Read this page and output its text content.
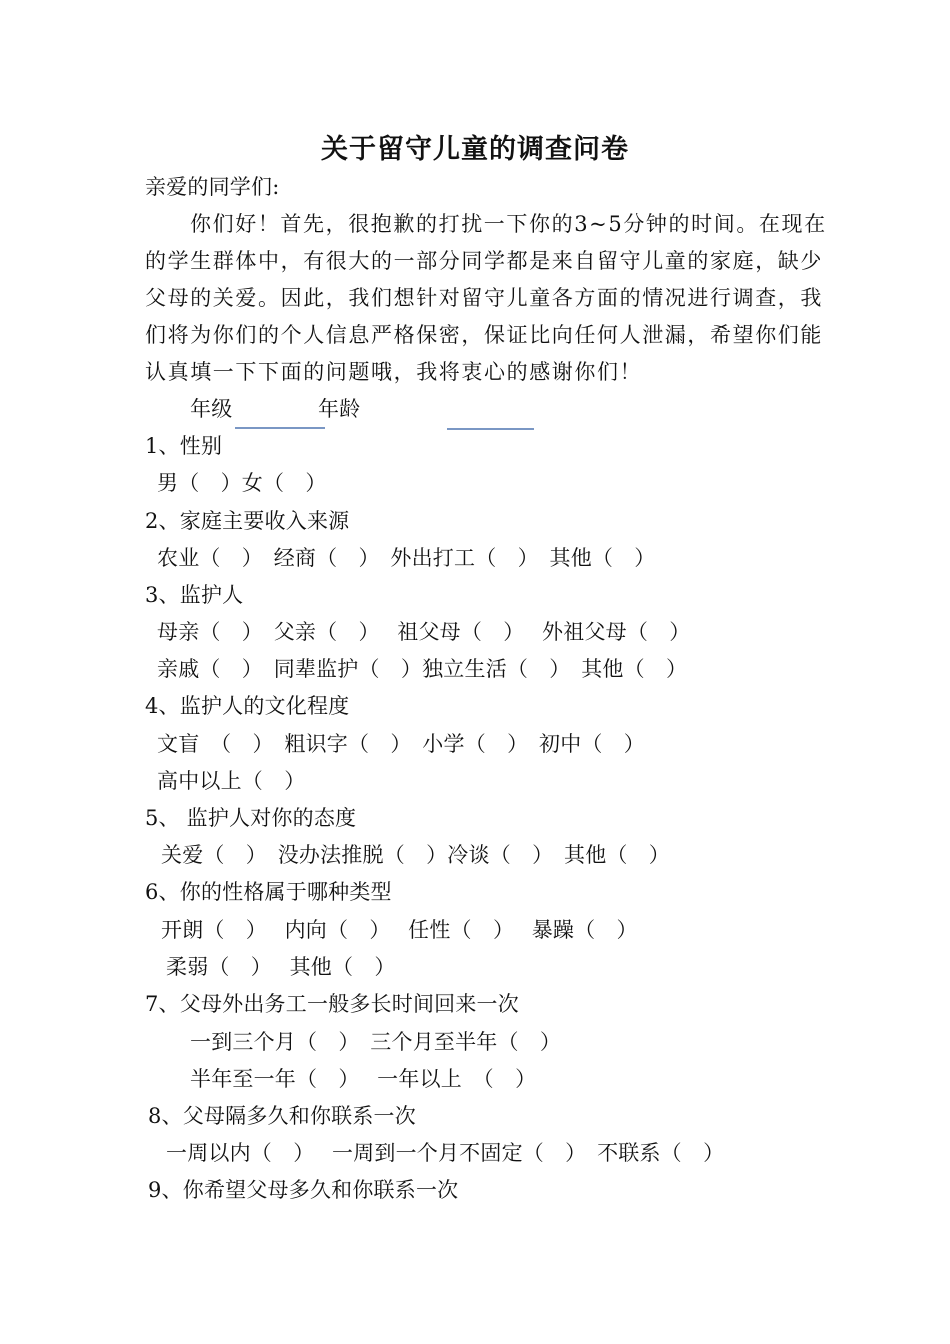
关于留守儿童的调查问卷
亲爱的同学们:
你们好！首先，很抱歉的打扰一下你的3~5分钟的时间。在现在
的学生群体中，有很大的一部分同学都是来自留守儿童的家庭，缺少
父母的关爱。因此，我们想针对留守儿童各方面的情况进行调查，我
们将为你们的个人信息严格保密，保证比向任何人泄漏，希望你们能
认真填一下下面的问题哦，我将衷心的感谢你们！
年级	年龄
1、性别
男（　）女（　）
2、家庭主要收入来源
农业（　）　经商（　）　外出打工（　）　其他（　）
3、监护人
母亲（　）　父亲（　）　 祖父母（　）　 外祖父母（　）
亲戚（　）　同辈监护（　）独立生活（　）　其他（　）
4、监护人的文化程度
文盲　（　）　粗识字（　）　小学（　）　初中（　）
高中以上（　）
5、 监护人对你的态度
关爱（　）　没办法推脱（　）冷谈（　）　其他（　）
6、你的性格属于哪种类型
开朗（　）　 内向（　）　 任性（　）　 暴躁（　）
柔弱（　）　 其他（　）
7、父母外出务工一般多长时间回来一次
一到三个月（　）　三个月至半年（　）
半年至一年（　）　 一年以上　（　）
8、父母隔多久和你联系一次
一周以内（　）　 一周到一个月不固定（　）　不联系（　）
9、你希望父母多久和你联系一次
